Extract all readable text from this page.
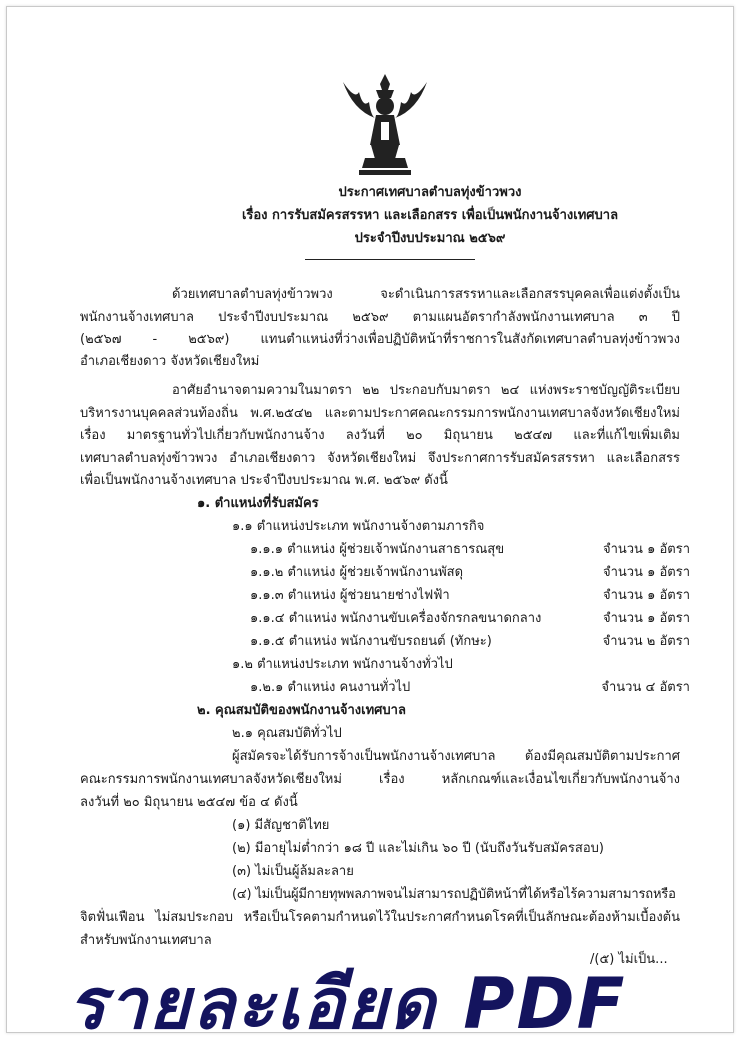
ประกาศเทศบาลตำบลทุ่งข้าวพวง
เรื่อง การรับสมัครสรรหา และเลือกสรร เพื่อเป็นพนักงานจ้างเทศบาล
ประจำปีงบประมาณ ๒๕๖๙
ด้วยเทศบาลตำบลทุ่งข้าวพวง จะดำเนินการสรรหาและเลือกสรรบุคคลเพื่อแต่งตั้งเป็น
พนักงานจ้างเทศบาล ประจำปีงบประมาณ ๒๕๖๙ ตามแผนอัตรากำลังพนักงานเทศบาล ๓ ปี
(๒๕๖๗ - ๒๕๖๙) แทนตำแหน่งที่ว่างเพื่อปฏิบัติหน้าที่ราชการในสังกัดเทศบาลตำบลทุ่งข้าวพวง
อำเภอเชียงดาว จังหวัดเชียงใหม่
อาศัยอำนาจตามความในมาตรา ๒๒ ประกอบกับมาตรา ๒๔ แห่งพระราชบัญญัติระเบียบ
บริหารงานบุคคลส่วนท้องถิ่น พ.ศ.๒๕๔๒ และตามประกาศคณะกรรมการพนักงานเทศบาลจังหวัดเชียงใหม่
เรื่อง มาตรฐานทั่วไปเกี่ยวกับพนักงานจ้าง ลงวันที่ ๒๐ มิถุนายน ๒๕๔๗ และที่แก้ไขเพิ่มเติม
เทศบาลตำบลทุ่งข้าวพวง อำเภอเชียงดาว จังหวัดเชียงใหม่ จึงประกาศการรับสมัครสรรหา และเลือกสรร
เพื่อเป็นพนักงานจ้างเทศบาล ประจำปีงบประมาณ พ.ศ. ๒๕๖๙ ดังนี้
๑. ตำแหน่งที่รับสมัคร
๑.๑ ตำแหน่งประเภท พนักงานจ้างตามภารกิจ
๑.๑.๑ ตำแหน่ง ผู้ช่วยเจ้าพนักงานสาธารณสุข	จำนวน ๑ อัตรา
๑.๑.๒ ตำแหน่ง ผู้ช่วยเจ้าพนักงานพัสดุ	จำนวน ๑ อัตรา
๑.๑.๓ ตำแหน่ง ผู้ช่วยนายช่างไฟฟ้า	จำนวน ๑ อัตรา
๑.๑.๔ ตำแหน่ง พนักงานขับเครื่องจักรกลขนาดกลาง	จำนวน ๑ อัตรา
๑.๑.๕ ตำแหน่ง พนักงานขับรถยนต์ (ทักษะ)	จำนวน ๒ อัตรา
๑.๒ ตำแหน่งประเภท พนักงานจ้างทั่วไป
๑.๒.๑ ตำแหน่ง คนงานทั่วไป	จำนวน ๔ อัตรา
๒. คุณสมบัติของพนักงานจ้างเทศบาล
๒.๑ คุณสมบัติทั่วไป
ผู้สมัครจะได้รับการจ้างเป็นพนักงานจ้างเทศบาล ต้องมีคุณสมบัติตามประกาศ
คณะกรรมการพนักงานเทศบาลจังหวัดเชียงใหม่ เรื่อง หลักเกณฑ์และเงื่อนไขเกี่ยวกับพนักงานจ้าง
ลงวันที่ ๒๐ มิถุนายน ๒๕๔๗ ข้อ ๔ ดังนี้
(๑) มีสัญชาติไทย
(๒) มีอายุไม่ต่ำกว่า ๑๘ ปี และไม่เกิน ๖๐ ปี (นับถึงวันรับสมัครสอบ)
(๓) ไม่เป็นผู้ล้มละลาย
(๔) ไม่เป็นผู้มีกายทุพพลภาพจนไม่สามารถปฏิบัติหน้าที่ได้หรือไร้ความสามารถหรือ
จิตฟั่นเฟือน ไม่สมประกอบ หรือเป็นโรคตามกำหนดไว้ในประกาศกำหนดโรคที่เป็นลักษณะต้องห้ามเบื้องต้น
สำหรับพนักงานเทศบาล
/(๕) ไม่เป็น...
รายละเอียด PDF
